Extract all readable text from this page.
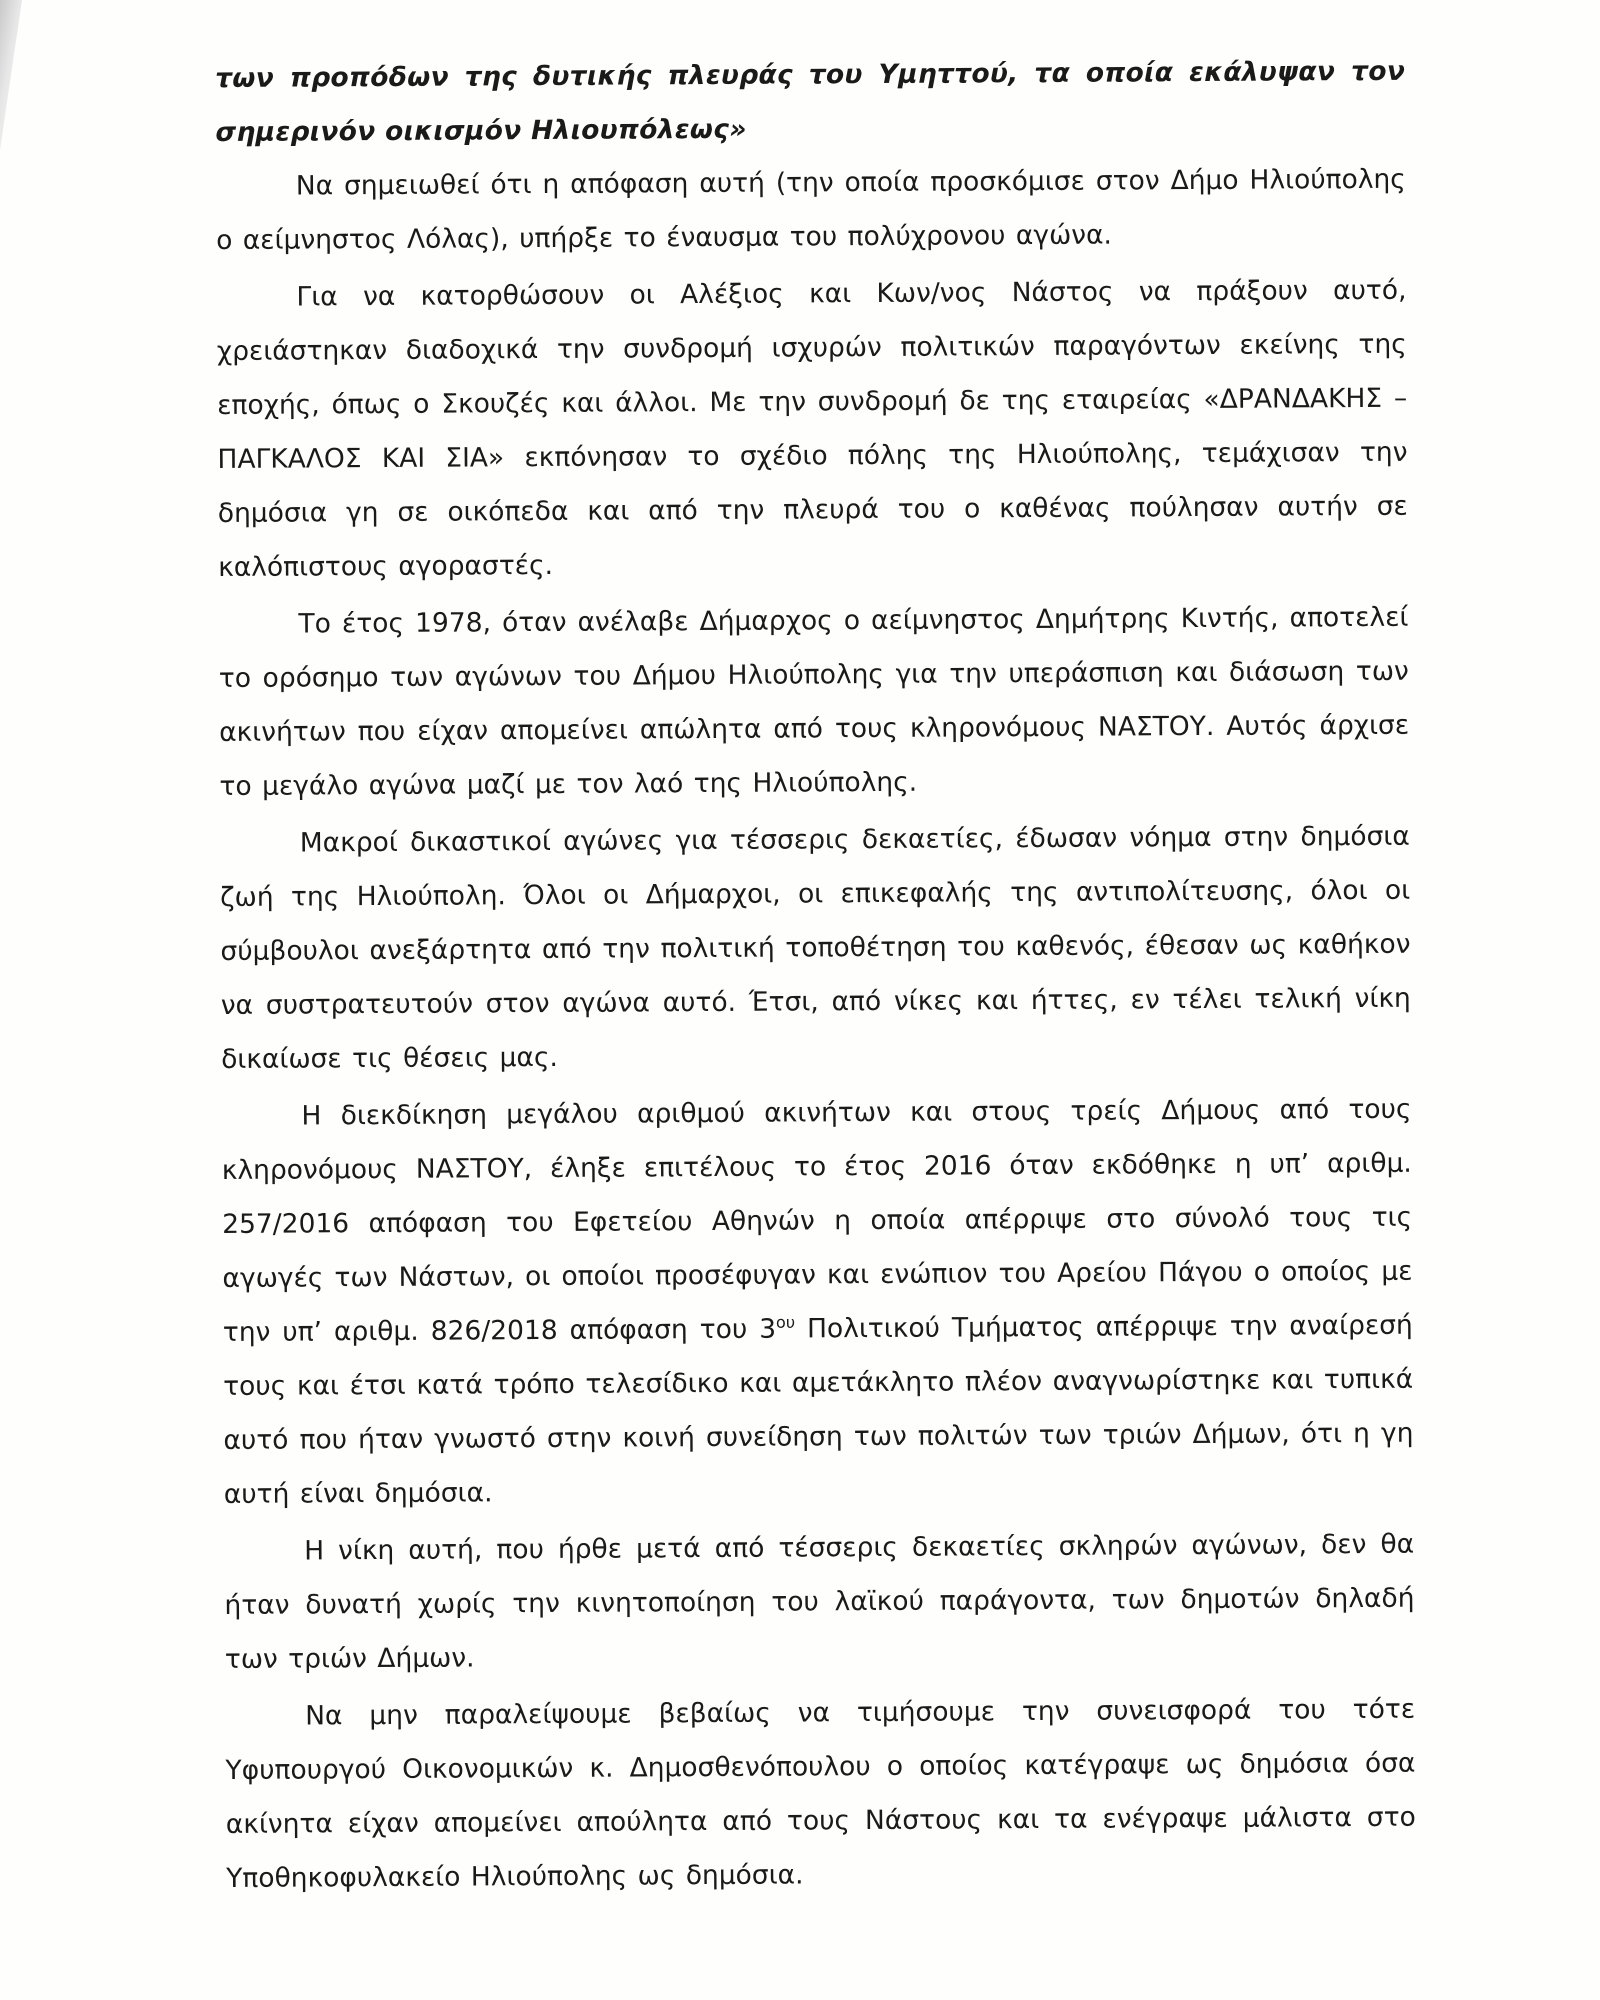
των προπόδων της δυτικής πλευράς του Υμηττού, τα οποία εκάλυψαν τον σημερινόν οικισμόν Ηλιουπόλεως»

Να σημειωθεί ότι η απόφαση αυτή (την οποία προσκόμισε στον Δήμο Ηλιούπολης ο αείμνηστος Λόλας), υπήρξε το έναυσμα του πολύχρονου αγώνα.

Για να κατορθώσουν οι Αλέξιος και Κων/νος Νάστος να πράξουν αυτό, χρειάστηκαν διαδοχικά την συνδρομή ισχυρών πολιτικών παραγόντων εκείνης της εποχής, όπως ο Σκουζές και άλλοι. Με την συνδρομή δε της εταιρείας «ΔΡΑΝΔΑΚΗΣ – ΠΑΓΚΑΛΟΣ ΚΑΙ ΣΙΑ» εκπόνησαν το σχέδιο πόλης της Ηλιούπολης, τεμάχισαν την δημόσια γη σε οικόπεδα και από την πλευρά του ο καθένας πούλησαν αυτήν σε καλόπιστους αγοραστές.

Το έτος 1978, όταν ανέλαβε Δήμαρχος ο αείμνηστος Δημήτρης Κιντής, αποτελεί το ορόσημο των αγώνων του Δήμου Ηλιούπολης για την υπεράσπιση και διάσωση των ακινήτων που είχαν απομείνει απώλητα από τους κληρονόμους ΝΑΣΤΟΥ. Αυτός άρχισε το μεγάλο αγώνα μαζί με τον λαό της Ηλιούπολης.

Μακροί δικαστικοί αγώνες για τέσσερις δεκαετίες, έδωσαν νόημα στην δημόσια ζωή της Ηλιούπολη. Όλοι οι Δήμαρχοι, οι επικεφαλής της αντιπολίτευσης, όλοι οι σύμβουλοι ανεξάρτητα από την πολιτική τοποθέτηση του καθενός, έθεσαν ως καθήκον να συστρατευτούν στον αγώνα αυτό. Έτσι, από νίκες και ήττες, εν τέλει τελική νίκη δικαίωσε τις θέσεις μας.

Η διεκδίκηση μεγάλου αριθμού ακινήτων και στους τρείς Δήμους από τους κληρονόμους ΝΑΣΤΟΥ, έληξε επιτέλους το έτος 2016 όταν εκδόθηκε η υπ’ αριθμ. 257/2016 απόφαση του Εφετείου Αθηνών η οποία απέρριψε στο σύνολό τους τις αγωγές των Νάστων, οι οποίοι προσέφυγαν και ενώπιον του Αρείου Πάγου ο οποίος με την υπ’ αριθμ. 826/2018 απόφαση του $3^{o\upsilon}$ Πολιτικού Τμήματος απέρριψε την αναίρεσή τους και έτσι κατά τρόπο τελεσίδικο και αμετάκλητο πλέον αναγνωρίστηκε και τυπικά αυτό που ήταν γνωστό στην κοινή συνείδηση των πολιτών των τριών Δήμων, ότι η γη αυτή είναι δημόσια.

Η νίκη αυτή, που ήρθε μετά από τέσσερις δεκαετίες σκληρών αγώνων, δεν θα ήταν δυνατή χωρίς την κινητοποίηση του λαϊκού παράγοντα, των δημοτών δηλαδή των τριών Δήμων.

Να μην παραλείψουμε βεβαίως να τιμήσουμε την συνεισφορά του τότε Υφυπουργού Οικονομικών κ. Δημοσθενόπουλου ο οποίος κατέγραψε ως δημόσια όσα ακίνητα είχαν απομείνει απούλητα από τους Νάστους και τα ενέγραψε μάλιστα στο Υποθηκοφυλακείο Ηλιούπολης ως δημόσια.
